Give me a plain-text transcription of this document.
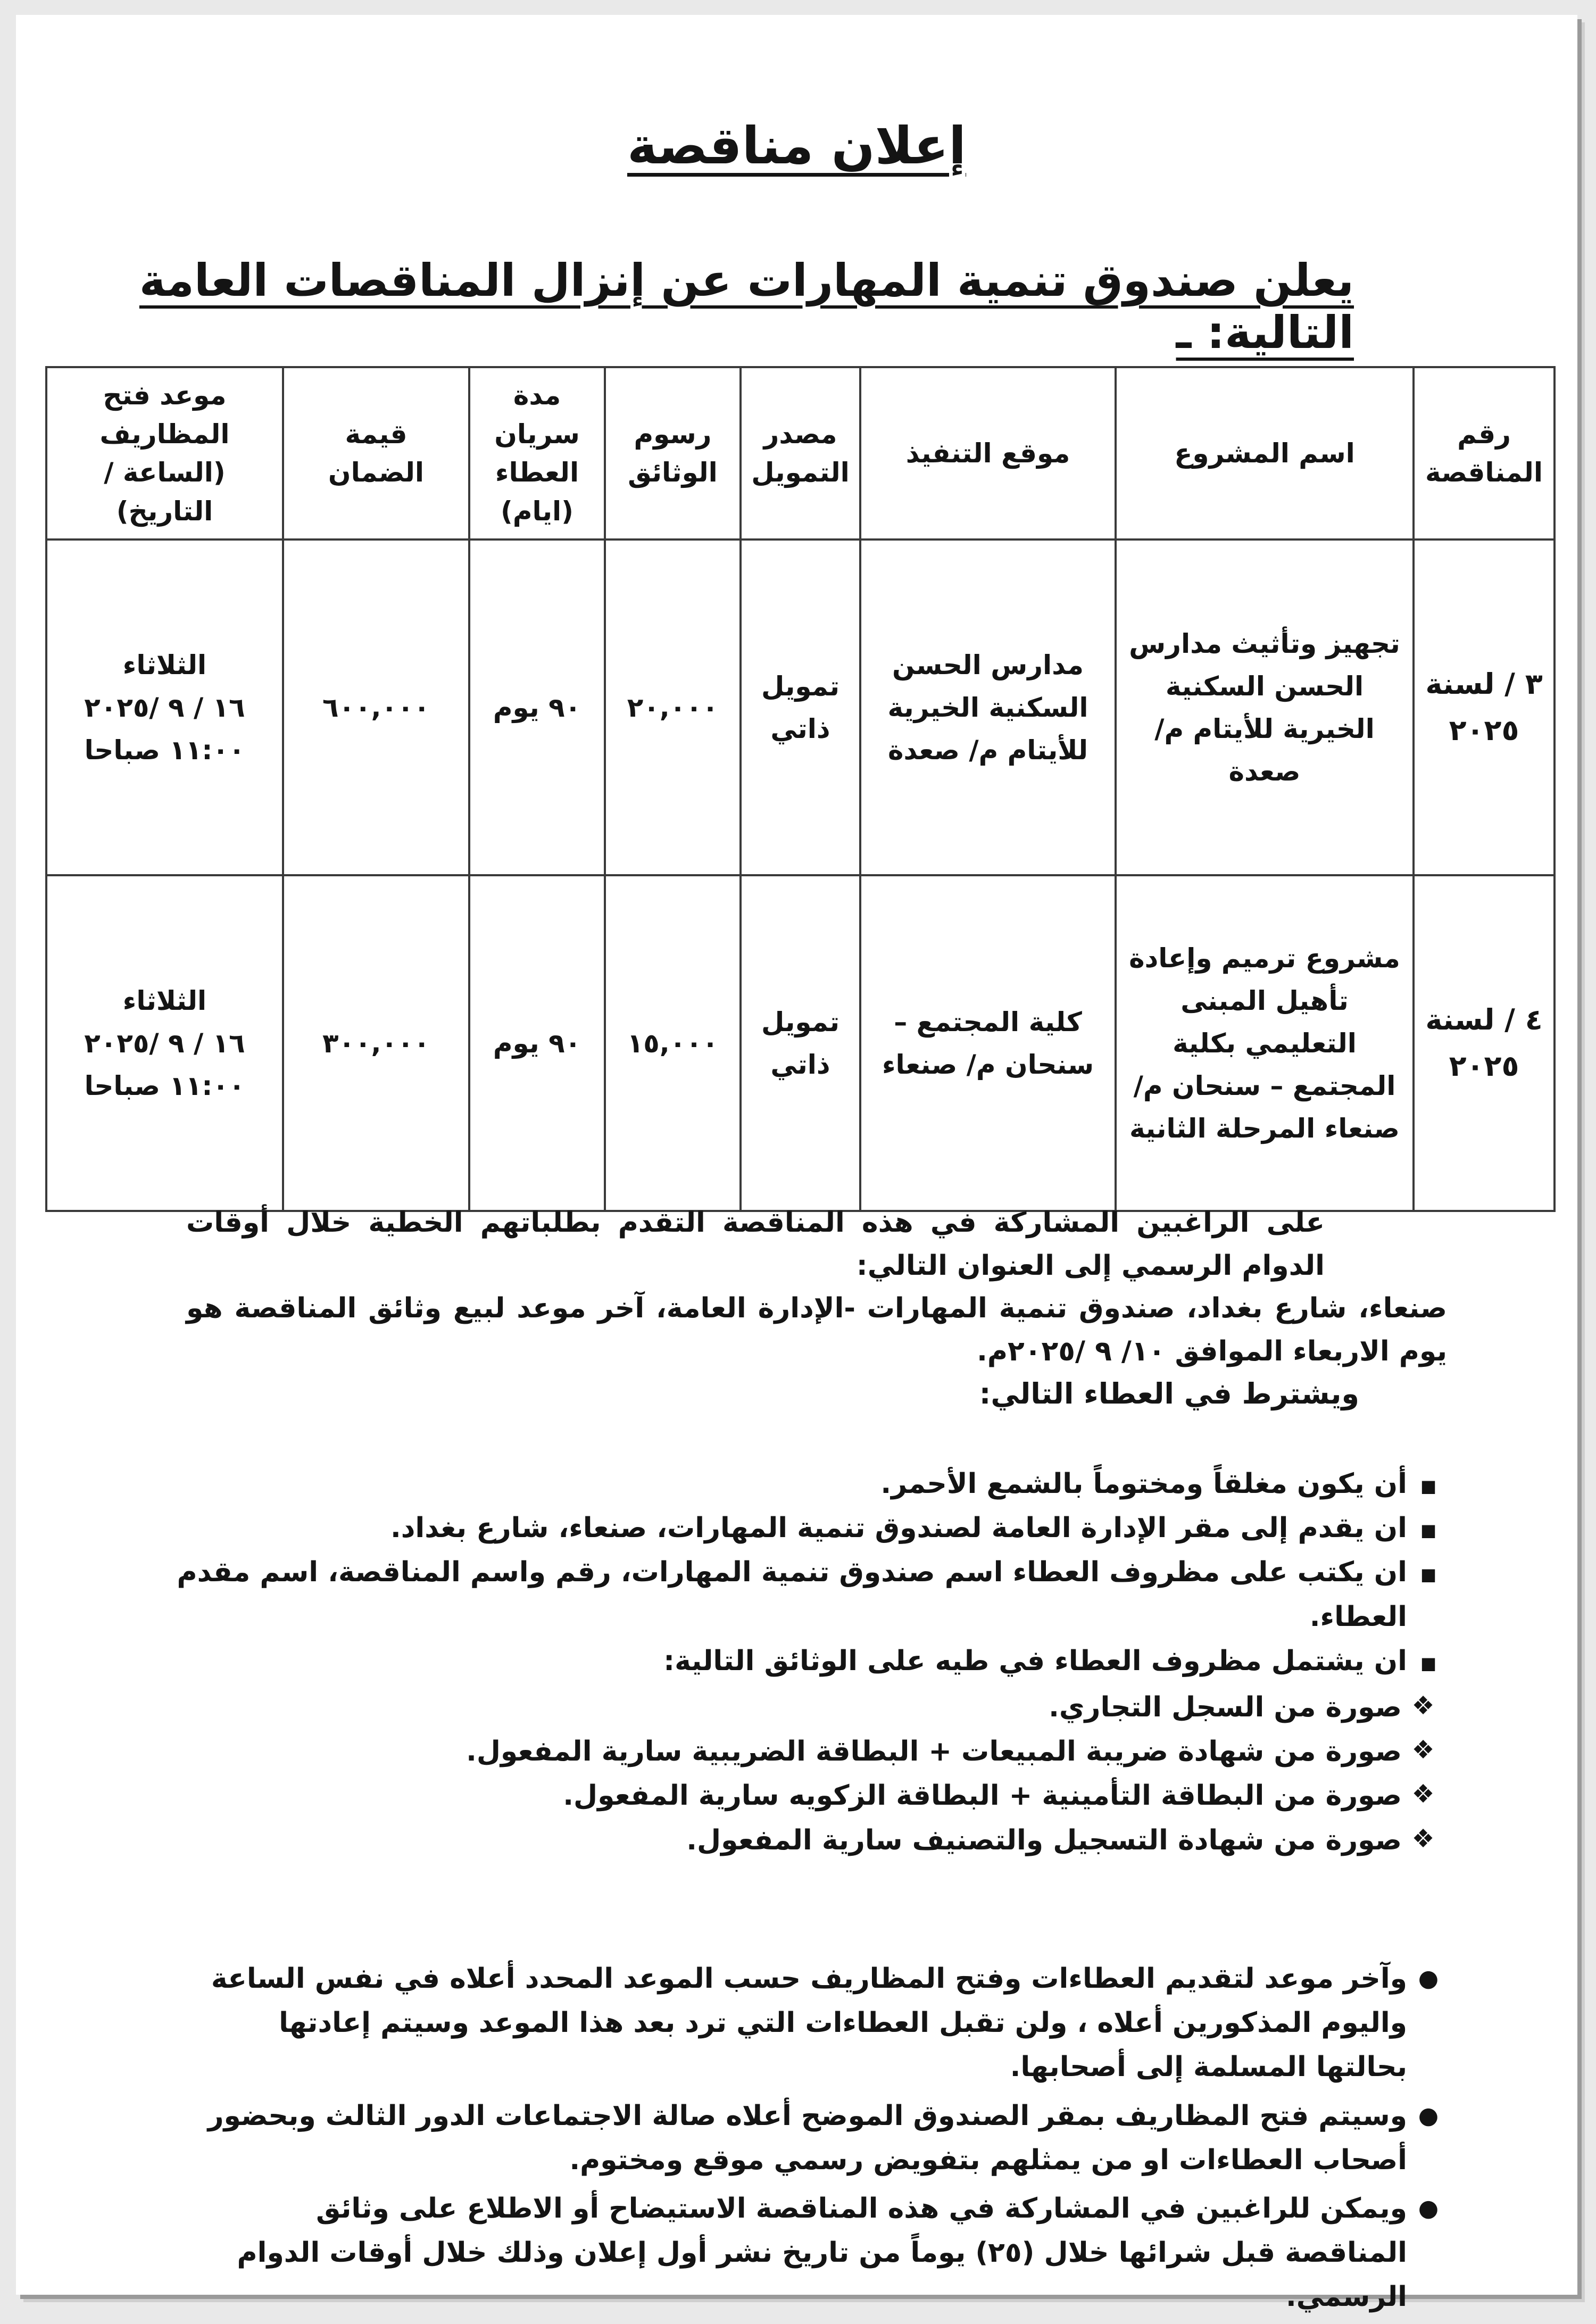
إعلان مناقصة
يعلن صندوق تنمية المهارات عن إنزال المناقصات العامة التالية: ـ
رقم المناقصة	اسم المشروع	موقع التنفيذ	مصدر التمويل	رسوم الوثائق	مدة سريان العطاء (ايام)	قيمة الضمان	موعد فتح المظاريف (الساعة / التاريخ)
٣ / لسنة ٢٠٢٥	تجهيز وتأثيث مدارس الحسن السكنية الخيرية للأيتام م/ صعدة	مدارس الحسن السكنية الخيرية للأيتام م/ صعدة	تمويل ذاتي	٢٠,٠٠٠	٩٠ يوم	٦٠٠,٠٠٠	الثلاثاء
١٦ / ٩ /٢٠٢٥
١١:٠٠ صباحا

٤ / لسنة ٢٠٢٥	مشروع ترميم وإعادة تأهيل المبنى التعليمي بكلية المجتمع – سنحان م/ صنعاء المرحلة الثانية	كلية المجتمع – سنحان م/ صنعاء	تمويل ذاتي	١٥,٠٠٠	٩٠ يوم	٣٠٠,٠٠٠	الثلاثاء
١٦ / ٩ /٢٠٢٥
١١:٠٠ صباحا
على الراغبين المشاركة في هذه المناقصة التقدم بطلباتهم الخطية خلال أوقات الدوام الرسمي إلى العنوان التالي:
صنعاء، شارع بغداد، صندوق تنمية المهارات -الإدارة العامة، آخر موعد لبيع وثائق المناقصة هو يوم الاربعاء الموافق ١٠/ ٩ /٢٠٢٥م.
ويشترط في العطاء التالي:
■
أن يكون مغلقاً ومختوماً بالشمع الأحمر.
■
ان يقدم إلى مقر الإدارة العامة لصندوق تنمية المهارات، صنعاء، شارع بغداد.
■
ان يكتب على مظروف العطاء اسم صندوق تنمية المهارات، رقم واسم المناقصة، اسم مقدم العطاء.
■
ان يشتمل مظروف العطاء في طيه على الوثائق التالية:
❖
صورة من السجل التجاري.
❖
صورة من شهادة ضريبة المبيعات + البطاقة الضريبية سارية المفعول.
❖
صورة من البطاقة التأمينية + البطاقة الزكويه سارية المفعول.
❖
صورة من شهادة التسجيل والتصنيف سارية المفعول.
●
وآخر موعد لتقديم العطاءات وفتح المظاريف حسب الموعد المحدد أعلاه في نفس الساعة واليوم المذكورين أعلاه ، ولن تقبل العطاءات التي ترد بعد هذا الموعد وسيتم إعادتها بحالتها المسلمة إلى أصحابها.
●
وسيتم فتح المظاريف بمقر الصندوق الموضح أعلاه صالة الاجتماعات الدور الثالث وبحضور أصحاب العطاءات او من يمثلهم بتفويض رسمي موقع ومختوم.
●
ويمكن للراغبين في المشاركة في هذه المناقصة الاستيضاح أو الاطلاع على وثائق المناقصة قبل شرائها خلال (٢٥) يوماً من تاريخ نشر أول إعلان وذلك خلال أوقات الدوام الرسمي.
